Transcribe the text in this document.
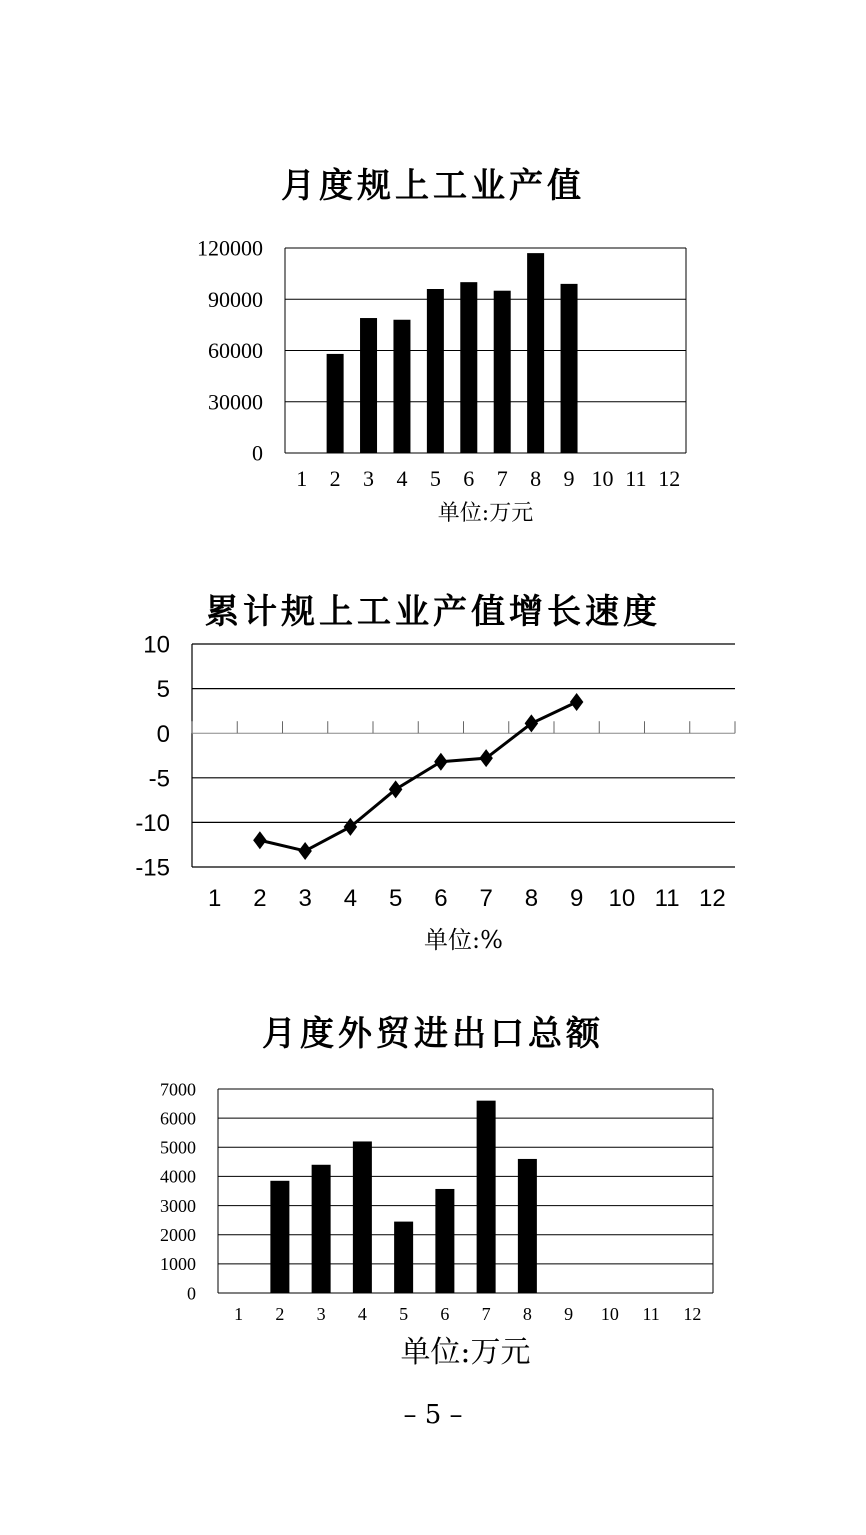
月度规上工业产值
0
30000
60000
90000
120000
1 2 3 4 5 6 7 8 9 10 11 12
单位:万元
累计规上工业产值增长速度
-15
-10
-5
0
5
10
1 2 3 4 5 6 7 8 9 10 11 12
单位:%
月度外贸进出口总额
0
1000
2000
3000
4000
5000
6000
7000
1 2 3 4 5 6 7 8 9 10 11 12
单位:万元
– 5 –
